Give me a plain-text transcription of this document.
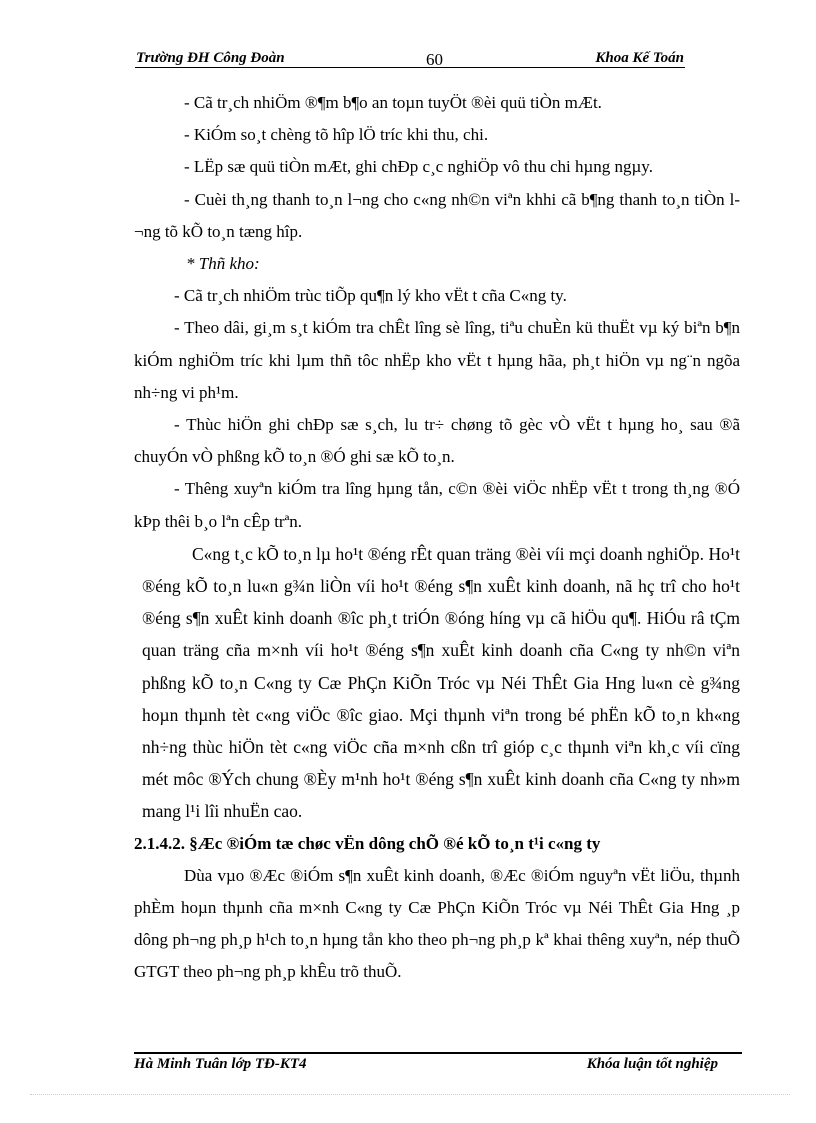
Trường ĐH Công Đoàn	60	Khoa Kế Toán

- Cã tr¸ch nhiÖm ®¶m b¶o an toµn tuyÖt ®èi quü tiÒn mÆt.

- KiÓm so¸t chèng tõ hîp lÖ tríc khi thu, chi.

- LËp sæ quü tiÒn mÆt, ghi chÐp c¸c nghiÖp vô thu chi hµng ngµy.

- Cuèi th¸ng thanh to¸n l¬ng cho c«ng nh©n viªn khhi cã b¶ng thanh to¸n tiÒn l¬ng tõ kÕ to¸n tæng hîp.

* Thñ kho:

- Cã tr¸ch nhiÖm trùc tiÕp qu¶n lý kho vËt t cña C«ng ty.

- Theo dâi, gi¸m s¸t kiÓm tra chÊt lîng sè lîng, tiªu chuÈn kü thuËt vµ ký biªn b¶n kiÓm nghiÖm tríc khi lµm thñ tôc nhËp kho vËt t hµng hãa, ph¸t hiÖn vµ ng¨n ngõa nh÷ng vi ph¹m.

- Thùc hiÖn ghi chÐp sæ s¸ch, lu tr÷ chøng tõ gèc vÒ vËt t hµng ho¸ sau ®ã chuyÓn vÒ phßng kÕ to¸n ®Ó ghi sæ kÕ to¸n.

- Thêng xuyªn kiÓm tra lîng hµng tån, c©n ®èi viÖc nhËp vËt t trong th¸ng ®Ó kÞp thêi b¸o lªn cÊp trªn.

C«ng t¸c kÕ to¸n lµ ho¹t ®éng rÊt quan träng ®èi víi mçi doanh nghiÖp. Ho¹t ®éng kÕ to¸n lu«n g¾n liÒn víi ho¹t ®éng s¶n xuÊt kinh doanh, nã hç trî cho ho¹t ®éng s¶n xuÊt kinh doanh ®îc ph¸t triÓn ®óng híng vµ cã hiÖu qu¶. HiÓu râ tÇm quan träng cña m×nh víi ho¹t ®éng s¶n xuÊt kinh doanh cña C«ng ty nh©n viªn phßng kÕ to¸n C«ng ty Cæ PhÇn KiÕn Tróc vµ Néi ThÊt Gia Hng lu«n cè g¾ng hoµn thµnh tèt c«ng viÖc ®îc giao. Mçi thµnh viªn trong bé phËn kÕ to¸n kh«ng nh÷ng thùc hiÖn tèt c«ng viÖc cña m×nh cßn trî gióp c¸c thµnh viªn kh¸c víi cïng mét môc ®Ých chung ®Èy m¹nh ho¹t ®éng s¶n xuÊt kinh doanh cña C«ng ty nh»m mang l¹i lîi nhuËn cao.

2.1.4.2. §Æc ®iÓm tæ chøc vËn dông chÕ ®é kÕ to¸n t¹i c«ng ty

Dùa vµo ®Æc ®iÓm s¶n xuÊt kinh doanh, ®Æc ®iÓm nguyªn vËt liÖu, thµnh phÈm hoµn thµnh cña m×nh C«ng ty Cæ PhÇn KiÕn Tróc vµ Néi ThÊt Gia Hng ¸p dông ph¬ng ph¸p h¹ch to¸n hµng tån kho theo ph¬ng ph¸p kª khai thêng xuyªn, nép thuÕ GTGT theo ph¬ng ph¸p khÊu trõ thuÕ.

Hà Minh Tuân lớp TĐ-KT4	Khóa luận tốt nghiệp
